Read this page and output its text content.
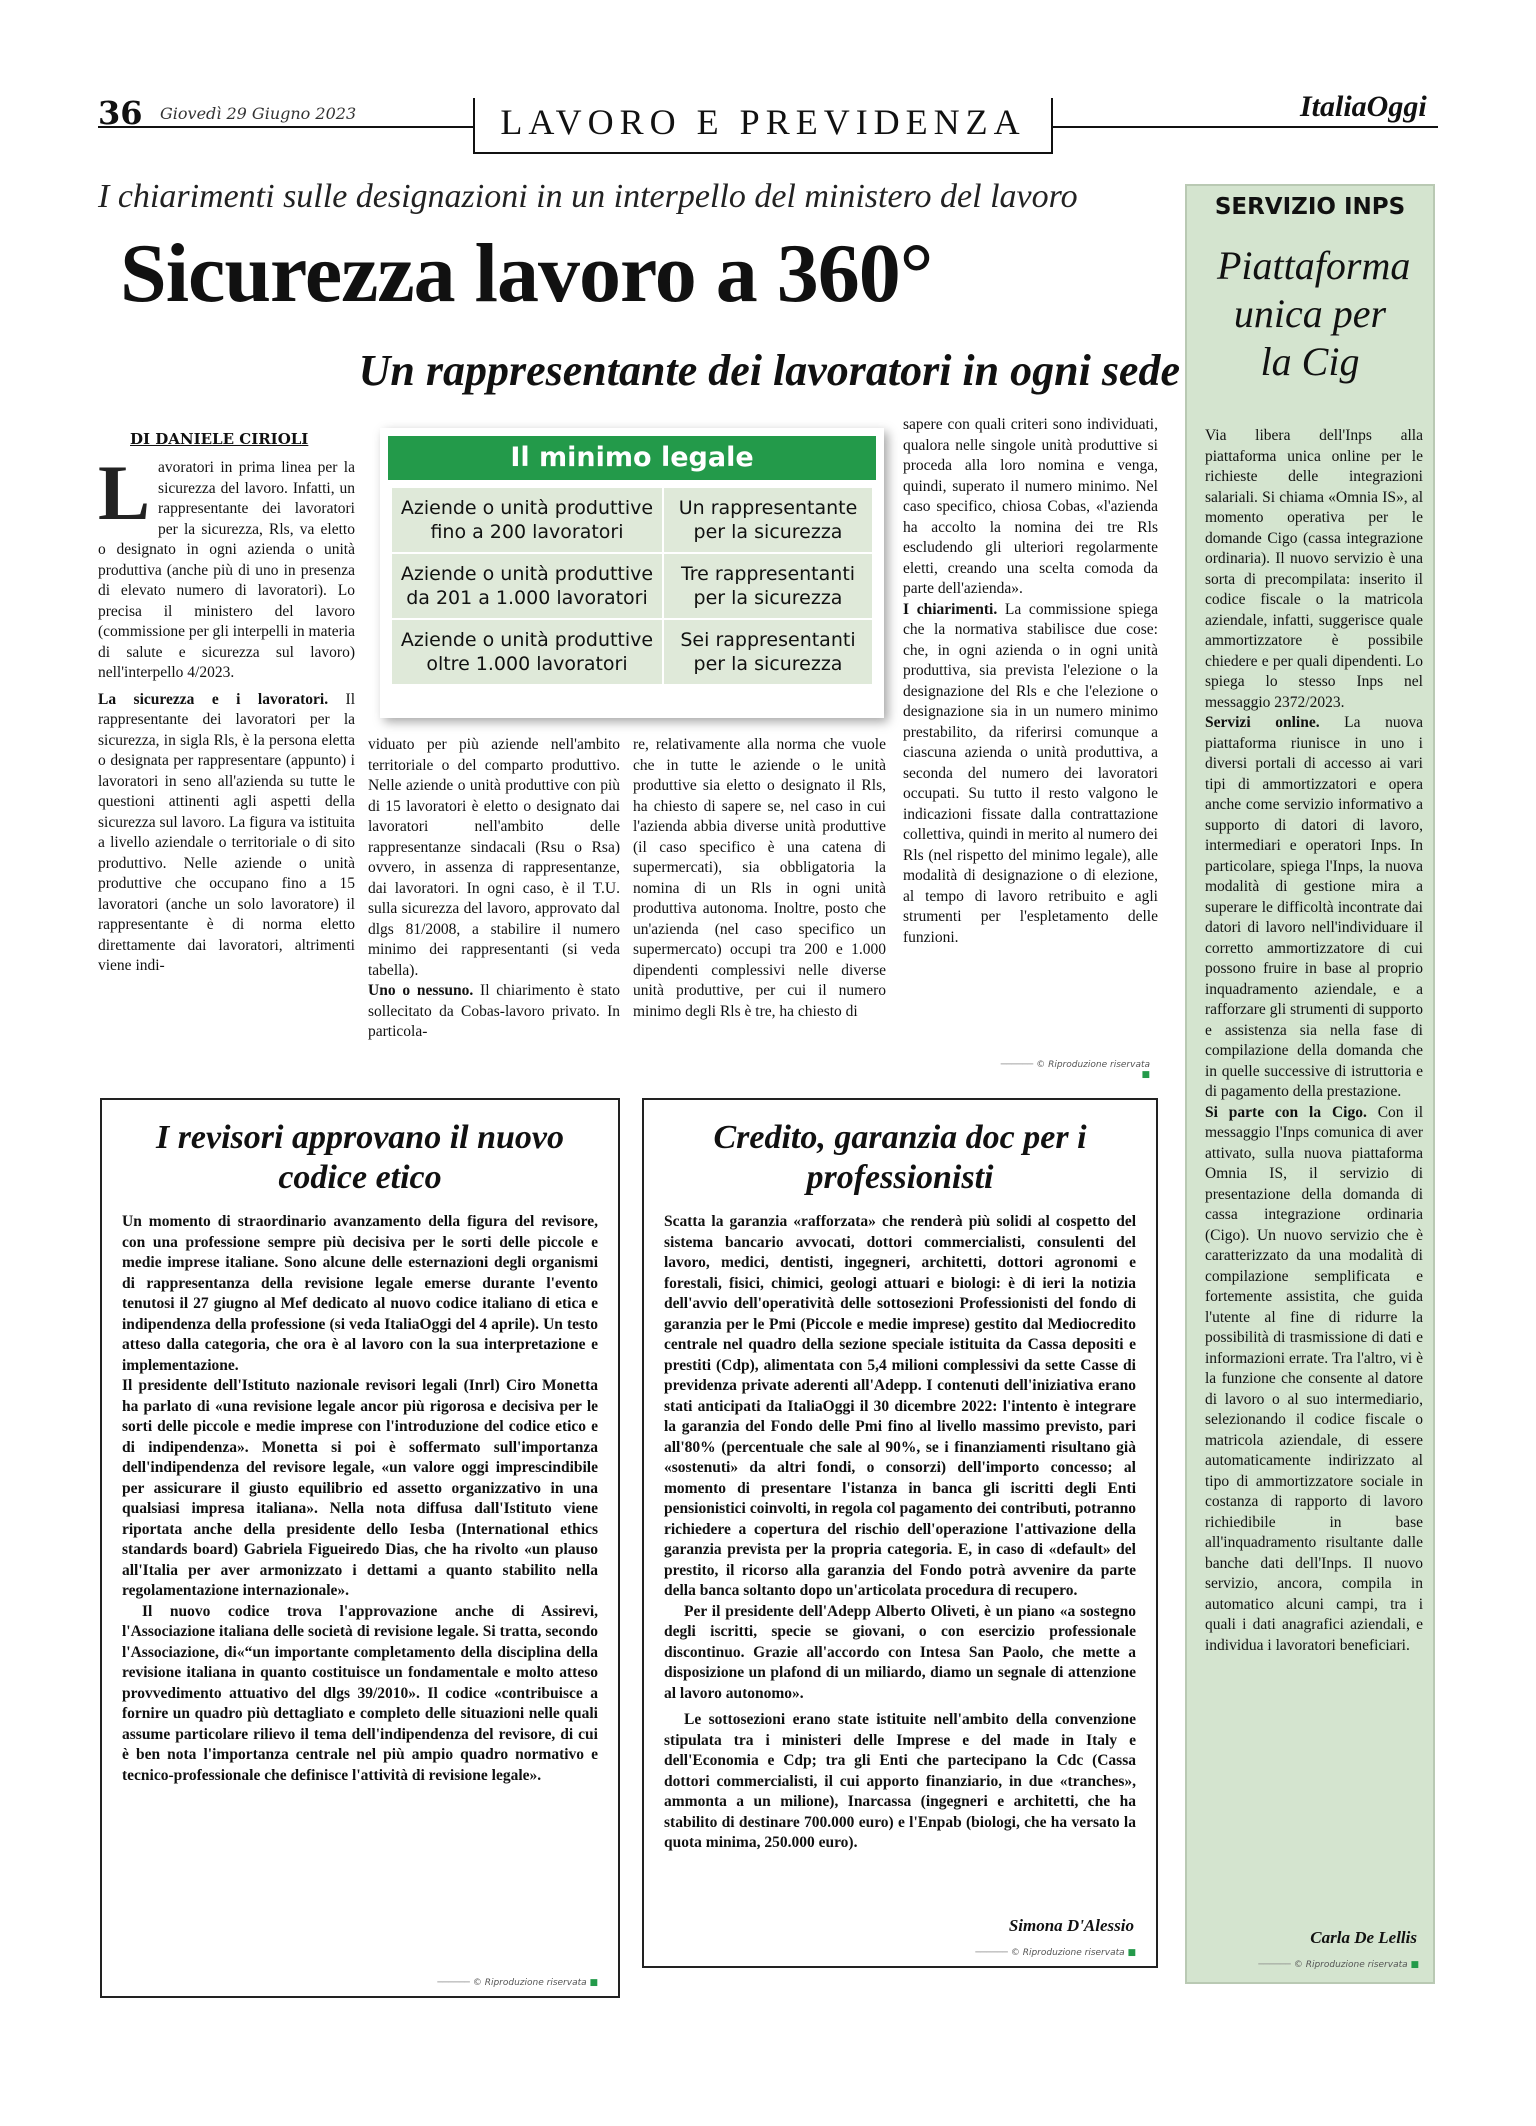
36 Giovedì 29 Giugno 2023	LAVORO E PREVIDENZA	ItaliaOggi
I chiarimenti sulle designazioni in un interpello del ministero del lavoro
Sicurezza lavoro a 360°
Un rappresentante dei lavoratori in ogni sede
DI DANIELE CIRIOLI
L avoratori in prima linea per la sicurezza del lavoro. Infatti, un rappresentante dei lavoratori per la sicurezza, Rls, va eletto o designato in ogni azienda o unità produttiva (anche più di uno in presenza di elevato numero di lavoratori). Lo precisa il ministero del lavoro (commissione per gli interpelli in materia di salute e sicurezza sul lavoro) nell'interpello 4/2023.

La sicurezza e i lavoratori. Il rappresentante dei lavoratori per la sicurezza, in sigla Rls, è la persona eletta o designata per rappresentare (appunto) i lavoratori in seno all'azienda su tutte le questioni attinenti agli aspetti della sicurezza sul lavoro. La figura va istituita a livello aziendale o territoriale o di sito produttivo. Nelle aziende o unità produttive che occupano fino a 15 lavoratori (anche un solo lavoratore) il rappresentante è di norma eletto direttamente dai lavoratori, altrimenti viene indi-

Il minimo legale
Aziende o unità produttive fino a 200 lavoratori
Un rappresentante per la sicurezza
Aziende o unità produttive da 201 a 1.000 lavoratori
Tre rappresentanti per la sicurezza
Aziende o unità produttive oltre 1.000 lavoratori
Sei rappresentanti per la sicurezza
viduato per più aziende nell'ambito territoriale o del comparto produttivo. Nelle aziende o unità produttive con più di 15 lavoratori è eletto o designato dai lavoratori nell'ambito delle rappresentanze sindacali (Rsu o Rsa) ovvero, in assenza di rappresentanze, dai lavoratori. In ogni caso, è il T.U. sulla sicurezza del lavoro, approvato dal dlgs 81/2008, a stabilire il numero minimo dei rappresentanti (si veda tabella).

Uno o nessuno. Il chiarimento è stato sollecitato da Cobas-lavoro privato. In particola-

re, relativamente alla norma che vuole che in tutte le aziende o le unità produttive sia eletto o designato il Rls, ha chiesto di sapere se, nel caso in cui l'azienda abbia diverse unità produttive (il caso specifico è una catena di supermercati), sia obbligatoria la nomina di un Rls in ogni unità produttiva autonoma. Inoltre, posto che un'azienda (nel caso specifico un supermercato) occupi tra 200 e 1.000 dipendenti complessivi nelle diverse unità produttive, per cui il numero minimo degli Rls è tre, ha chiesto di
sapere con quali criteri sono individuati, qualora nelle singole unità produttive si proceda alla loro nomina e venga, quindi, superato il numero minimo. Nel caso specifico, chiosa Cobas, «l'azienda ha accolto la nomina dei tre Rls escludendo gli ulteriori regolarmente eletti, creando una scelta comoda da parte dell'azienda».

I chiarimenti. La commissione spiega che la normativa stabilisce due cose: che, in ogni azienda o in ogni unità produttiva, sia prevista l'elezione o la designazione del Rls e che l'elezione o designazione sia in un numero minimo prestabilito, da riferirsi comunque a ciascuna azienda o unità produttiva, a seconda del numero dei lavoratori occupati. Su tutto il resto valgono le indicazioni fissate dalla contrattazione collettiva, quindi in merito al numero dei Rls (nel rispetto del minimo legale), alle modalità di designazione o di elezione, al tempo di lavoro retribuito e agli strumenti per l'espletamento delle funzioni.

────── © Riproduzione riservata ■
I revisori approvano il nuovo codice etico

Un momento di straordinario avanzamento della figura del revisore, con una professione sempre più decisiva per le sorti delle piccole e medie imprese italiane. Sono alcune delle esternazioni degli organismi di rappresentanza della revisione legale emerse durante l'evento tenutosi il 27 giugno al Mef dedicato al nuovo codice italiano di etica e indipendenza della professione (si veda ItaliaOggi del 4 aprile). Un testo atteso dalla categoria, che ora è al lavoro con la sua interpretazione e implementazione.

Il presidente dell'Istituto nazionale revisori legali (Inrl) Ciro Monetta ha parlato di «una revisione legale ancor più rigorosa e decisiva per le sorti delle piccole e medie imprese con l'introduzione del codice etico e di indipendenza». Monetta si poi è soffermato sull'importanza dell'indipendenza del revisore legale, «un valore oggi imprescindibile per assicurare il giusto equilibrio ed assetto organizzativo in una qualsiasi impresa italiana». Nella nota diffusa dall'Istituto viene riportata anche della presidente dello Iesba (International ethics standards board) Gabriela Figueiredo Dias, che ha rivolto «un plauso all'Italia per aver armonizzato i dettami a quanto stabilito nella regolamentazione internazionale».

Il nuovo codice trova l'approvazione anche di Assirevi, l'Associazione italiana delle società di revisione legale. Si tratta, secondo l'Associazione, di«“un importante completamento della disciplina della revisione italiana in quanto costituisce un fondamentale e molto atteso provvedimento attuativo del dlgs 39/2010». Il codice «contribuisce a fornire un quadro più dettagliato e completo delle situazioni nelle quali assume particolare rilievo il tema dell'indipendenza del revisore, di cui è ben nota l'importanza centrale nel più ampio quadro normativo e tecnico-professionale che definisce l'attività di revisione legale».

────── © Riproduzione riservata ■
Credito, garanzia doc per i professionisti

Scatta la garanzia «rafforzata» che renderà più solidi al cospetto del sistema bancario avvocati, dottori commercialisti, consulenti del lavoro, medici, dentisti, ingegneri, architetti, dottori agronomi e forestali, fisici, chimici, geologi attuari e biologi: è di ieri la notizia dell'avvio dell'operatività delle sottosezioni Professionisti del fondo di garanzia per le Pmi (Piccole e medie imprese) gestito dal Mediocredito centrale nel quadro della sezione speciale istituita da Cassa depositi e prestiti (Cdp), alimentata con 5,4 milioni complessivi da sette Casse di previdenza private aderenti all'Adepp. I contenuti dell'iniziativa erano stati anticipati da ItaliaOggi il 30 dicembre 2022: l'intento è integrare la garanzia del Fondo delle Pmi fino al livello massimo previsto, pari all'80% (percentuale che sale al 90%, se i finanziamenti risultano già «sostenuti» da altri fondi, o consorzi) dell'importo concesso; al momento di presentare l'istanza in banca gli iscritti degli Enti pensionistici coinvolti, in regola col pagamento dei contributi, potranno richiedere a copertura del rischio dell'operazione l'attivazione della garanzia prevista per la propria categoria. E, in caso di «default» del prestito, il ricorso alla garanzia del Fondo potrà avvenire da parte della banca soltanto dopo un'articolata procedura di recupero.

Per il presidente dell'Adepp Alberto Oliveti, è un piano «a sostegno degli iscritti, specie se giovani, o con esercizio professionale discontinuo. Grazie all'accordo con Intesa San Paolo, che mette a disposizione un plafond di un miliardo, diamo un segnale di attenzione al lavoro autonomo».

Le sottosezioni erano state istituite nell'ambito della convenzione stipulata tra i ministeri delle Imprese e del made in Italy e dell'Economia e Cdp; tra gli Enti che partecipano la Cdc (Cassa dottori commercialisti, il cui apporto finanziario, in due «tranches», ammonta a un milione), Inarcassa (ingegneri e architetti, che ha stabilito di destinare 700.000 euro) e l'Enpab (biologi, che ha versato la quota minima, 250.000 euro).

Simona D'Alessio
────── © Riproduzione riservata ■
SERVIZIO INPS
Piattaforma unica per la Cig

Via libera dell'Inps alla piattaforma unica online per le richieste delle integrazioni salariali. Si chiama «Omnia IS», al momento operativa per le domande Cigo (cassa integrazione ordinaria). Il nuovo servizio è una sorta di precompilata: inserito il codice fiscale o la matricola aziendale, infatti, suggerisce quale ammortizzatore è possibile chiedere e per quali dipendenti. Lo spiega lo stesso Inps nel messaggio 2372/2023.

Servizi online. La nuova piattaforma riunisce in uno i diversi portali di accesso ai vari tipi di ammortizzatori e opera anche come servizio informativo a supporto di datori di lavoro, intermediari e operatori Inps. In particolare, spiega l'Inps, la nuova modalità di gestione mira a superare le difficoltà incontrate dai datori di lavoro nell'individuare il corretto ammortizzatore di cui possono fruire in base al proprio inquadramento aziendale, e a rafforzare gli strumenti di supporto e assistenza sia nella fase di compilazione della domanda che in quelle successive di istruttoria e di pagamento della prestazione.

Si parte con la Cigo. Con il messaggio l'Inps comunica di aver attivato, sulla nuova piattaforma Omnia IS, il servizio di presentazione della domanda di cassa integrazione ordinaria (Cigo). Un nuovo servizio che è caratterizzato da una modalità di compilazione semplificata e fortemente assistita, che guida l'utente al fine di ridurre la possibilità di trasmissione di dati e informazioni errate. Tra l'altro, vi è la funzione che consente al datore di lavoro o al suo intermediario, selezionando il codice fiscale o matricola aziendale, di essere automaticamente indirizzato al tipo di ammortizzatore sociale in costanza di rapporto di lavoro richiedibile in base all'inquadramento risultante dalle banche dati dell'Inps. Il nuovo servizio, ancora, compila in automatico alcuni campi, tra i quali i dati anagrafici aziendali, e individua i lavoratori beneficiari.

Carla De Lellis
────── © Riproduzione riservata ■
